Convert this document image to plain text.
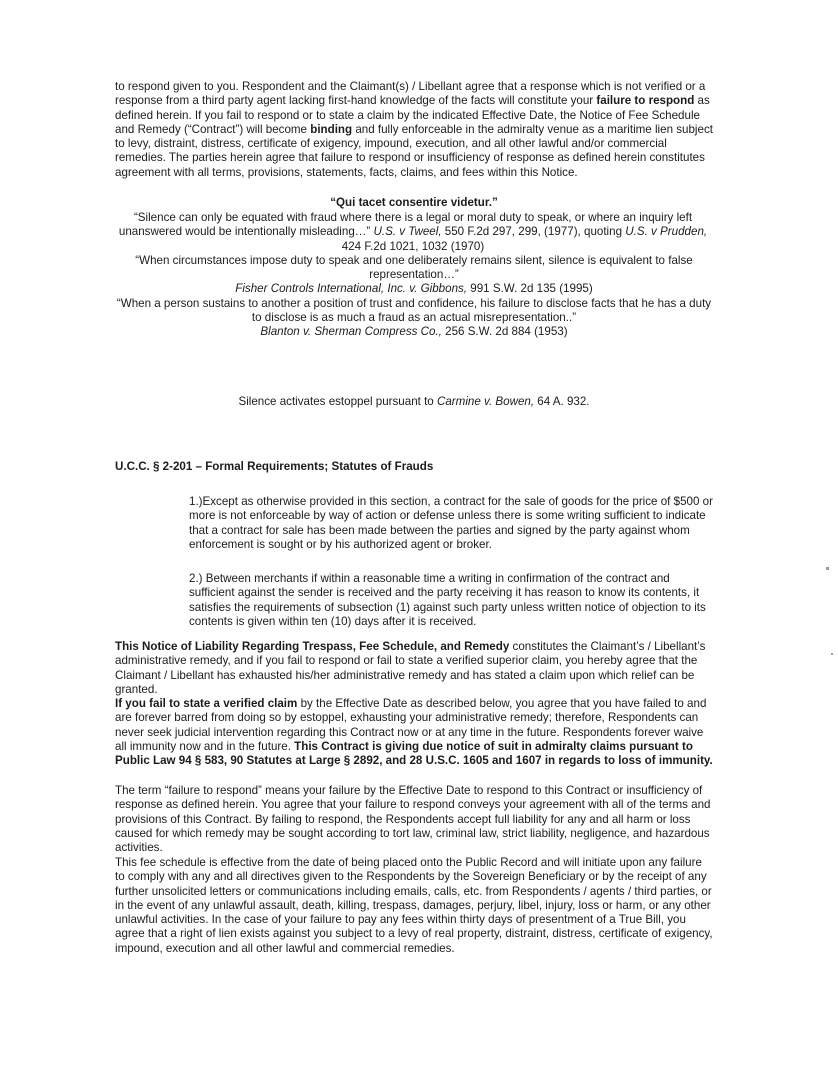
to respond given to you. Respondent and the Claimant(s) / Libellant agree that a response which is not verified or a response from a third party agent lacking first-hand knowledge of the facts will constitute your failure to respond as defined herein. If you fail to respond or to state a claim by the indicated Effective Date, the Notice of Fee Schedule and Remedy (“Contract”) will become binding and fully enforceable in the admiralty venue as a maritime lien subject to levy, distraint, distress, certificate of exigency, impound, execution, and all other lawful and/or commercial remedies. The parties herein agree that failure to respond or insufficiency of response as defined herein constitutes agreement with all terms, provisions, statements, facts, claims, and fees within this Notice.

“Qui tacet consentire videtur.”

“Silence can only be equated with fraud where there is a legal or moral duty to speak, or where an inquiry left unanswered would be intentionally misleading…” U.S. v Tweel, 550 F.2d 297, 299, (1977), quoting U.S. v Prudden, 424 F.2d 1021, 1032 (1970)

“When circumstances impose duty to speak and one deliberately remains silent, silence is equivalent to false representation…”

Fisher Controls International, Inc. v. Gibbons, 991 S.W. 2d 135 (1995)

“When a person sustains to another a position of trust and confidence, his failure to disclose facts that he has a duty to disclose is as much a fraud as an actual misrepresentation..”

Blanton v. Sherman Compress Co., 256 S.W. 2d 884 (1953)

Silence activates estoppel pursuant to Carmine v. Bowen, 64 A. 932.

U.C.C. § 2-201 – Formal Requirements; Statutes of Frauds

1.)Except as otherwise provided in this section, a contract for the sale of goods for the price of $500 or more is not enforceable by way of action or defense unless there is some writing sufficient to indicate that a contract for sale has been made between the parties and signed by the party against whom enforcement is sought or by his authorized agent or broker.

2.) Between merchants if within a reasonable time a writing in confirmation of the contract and sufficient against the sender is received and the party receiving it has reason to know its contents, it satisfies the requirements of subsection (1) against such party unless written notice of objection to its contents is given within ten (10) days after it is received.

This Notice of Liability Regarding Trespass, Fee Schedule, and Remedy constitutes the Claimant’s / Libellant’s administrative remedy, and if you fail to respond or fail to state a verified superior claim, you hereby agree that the Claimant / Libellant has exhausted his/her administrative remedy and has stated a claim upon which relief can be granted.

If you fail to state a verified claim by the Effective Date as described below, you agree that you have failed to and are forever barred from doing so by estoppel, exhausting your administrative remedy; therefore, Respondents can never seek judicial intervention regarding this Contract now or at any time in the future. Respondents forever waive all immunity now and in the future. This Contract is giving due notice of suit in admiralty claims pursuant to Public Law 94 § 583, 90 Statutes at Large § 2892, and 28 U.S.C. 1605 and 1607 in regards to loss of immunity.

The term “failure to respond” means your failure by the Effective Date to respond to this Contract or insufficiency of response as defined herein. You agree that your failure to respond conveys your agreement with all of the terms and provisions of this Contract. By failing to respond, the Respondents accept full liability for any and all harm or loss caused for which remedy may be sought according to tort law, criminal law, strict liability, negligence, and hazardous activities.

This fee schedule is effective from the date of being placed onto the Public Record and will initiate upon any failure to comply with any and all directives given to the Respondents by the Sovereign Beneficiary or by the receipt of any further unsolicited letters or communications including emails, calls, etc. from Respondents / agents / third parties, or in the event of any unlawful assault, death, killing, trespass, damages, perjury, libel, injury, loss or harm, or any other unlawful activities. In the case of your failure to pay any fees within thirty days of presentment of a True Bill, you agree that a right of lien exists against you subject to a levy of real property, distraint, distress, certificate of exigency, impound, execution and all other lawful and commercial remedies.
